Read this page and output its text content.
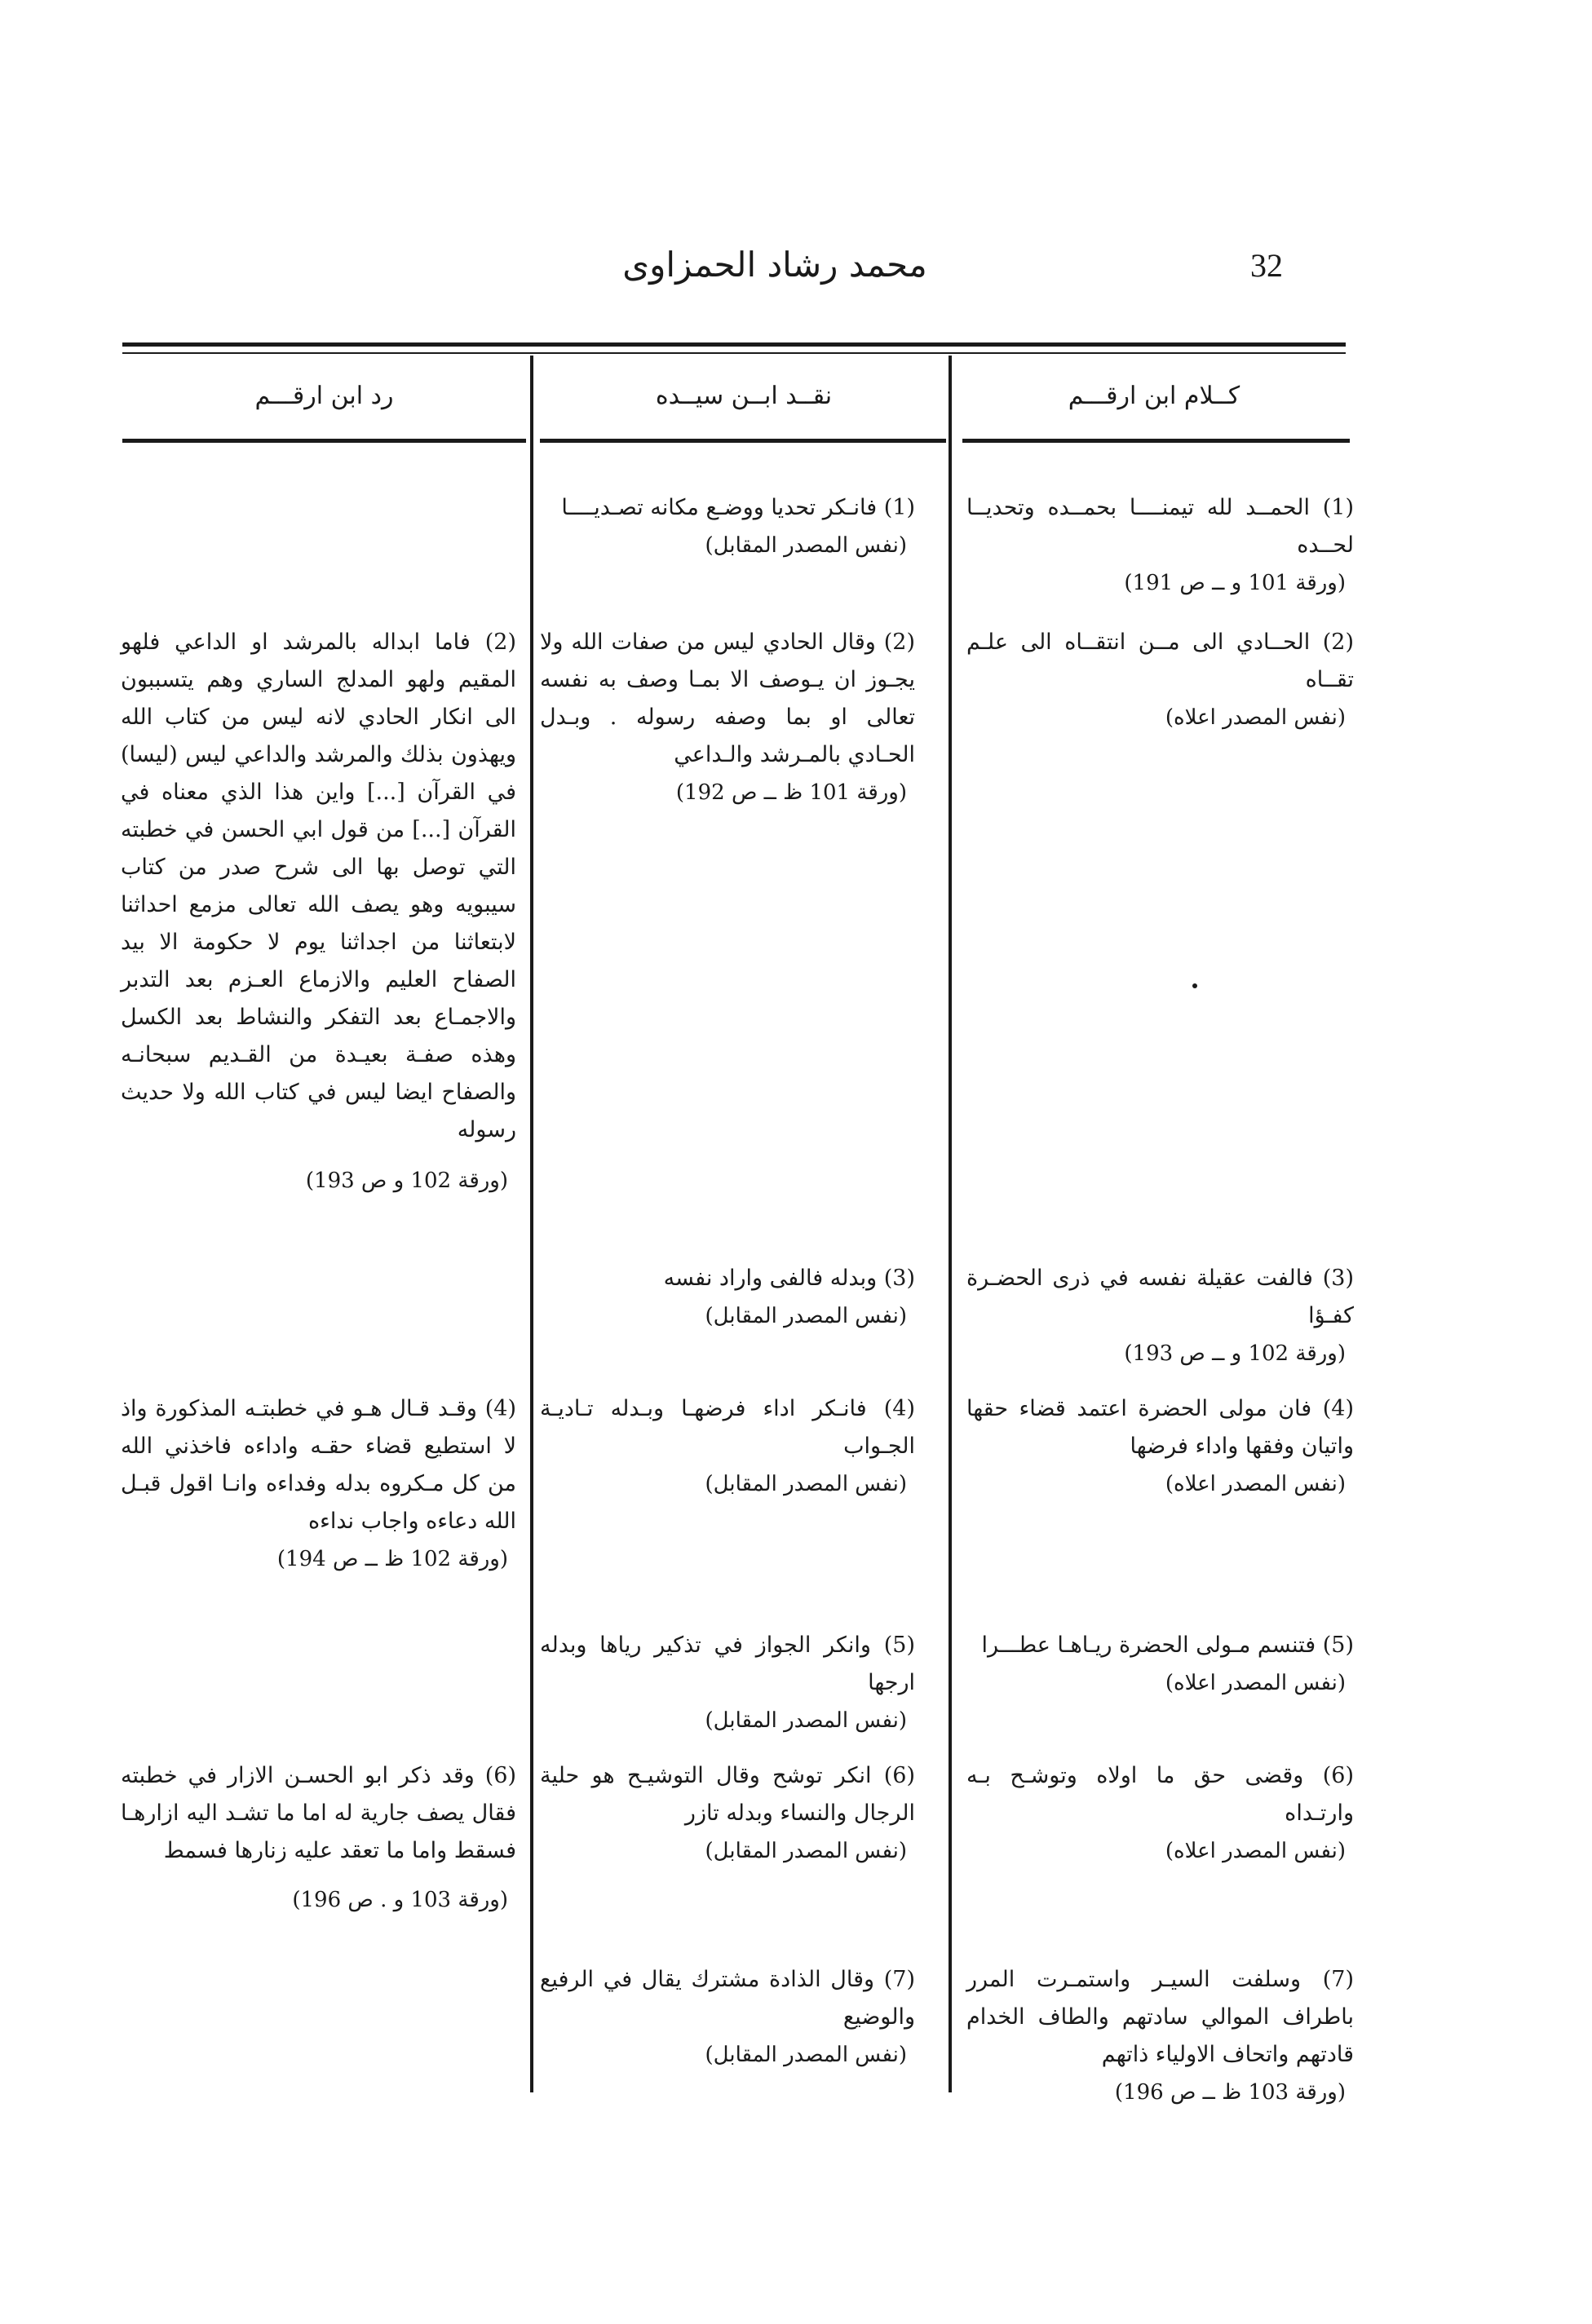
32
محمد رشاد الحمزاوى
كــلام ابن ارقـــم
نقــد ابــن سيــده
رد ابن ارقـــم
(1) الحمــد لله تيمنــــا بحمــده وتحديــا لحــده
(ورقة 101 و ــ ص 191)
(1) فانـكر تحديا ووضـع مكانه تصـديــــا
(نفس المصدر المقابل)
(2) الحــادي الى مــن انتقــاه الى علـم تقــاه
(نفس المصدر اعلاه)
(2) وقال الحادي ليس من صفات الله ولا يجـوز ان يـوصف الا بمـا وصف به نفسه تعالى او بما وصفه رسوله . وبـدل الحـادي بالمـرشد والـداعي
(ورقة 101 ظ ــ ص 192)
(2) فاما ابداله بالمرشد او الداعي فلهو المقيم ولهو المدلج الساري وهم يتسببون الى انكار الحادي لانه ليس من كتاب الله ويهذون بذلك والمرشد والداعي ليس (ليسا) في القرآن [...] واين هذا الذي معناه في القرآن [...] من قول ابي الحسن في خطبته التي توصل بها الى شرح صدر من كتاب سيبويه وهو يصف الله تعالى مزمع احداثنا لابتعاثنا من اجداثنا يوم لا حكومة الا بيد الصفاح العليم والازماع العـزم بعد التدبر والاجمـاع بعد التفكر والنشاط بعد الكسل وهذه صفـة بعيـدة من القـديم سبحانـه والصفاح ايضا ليس في كتاب الله ولا حديث رسوله
(ورقة 102 و ص 193)
(3) فالفت عقيلة نفسه في ذرى الحضـرة كفـؤا
(ورقة 102 و ــ ص 193)
(3) وبدله فالفى واراد نفسه
(نفس المصدر المقابل)
(4) فان مولى الحضرة اعتمد قضاء حقها واتيان وفقها واداء فرضها
(نفس المصدر اعلاه)
(4) فانـكر اداء فرضهـا وبـدله تـاديـة الجـواب
(نفس المصدر المقابل)
(4) وقـد قـال هـو في خطبتـه المذكورة واذ لا استطيع قضاء حقـه واداءه فاخذني الله من كل مـكروه بدله وفداءه وانـا اقول قبـل الله دعاءه واجاب نداءه
(ورقة 102 ظ ــ ص 194)
(5) فتنسم مـولى الحضرة ريـاهـا عطـــرا
(نفس المصدر اعلاه)
(5) وانكر الجواز في تذكير رياها وبدله ارجها
(نفس المصدر المقابل)
(6) وقضى حق ما اولاه وتوشـح بـه وارتـداه
(نفس المصدر اعلاه)
(6) انكر توشح وقال التوشيـح هو حلية الرجال والنساء وبدله تازر
(نفس المصدر المقابل)
(6) وقد ذكر ابو الحسـن الازار في خطبته فقال يصف جارية له اما ما تشـد اليه ازارهـا فسقط واما ما تعقد عليه زنارها فسمط
(ورقة 103 و . ص 196)
(7) وسلفت السيـر واستمـرت المرر باطراف الموالي سادتهم والطاف الخدام قادتهم واتحاف الاولياء ذاتهم
(ورقة 103 ظ ــ ص 196)
(7) وقال الذادة مشترك يقال في الرفيع والوضيع
(نفس المصدر المقابل)
